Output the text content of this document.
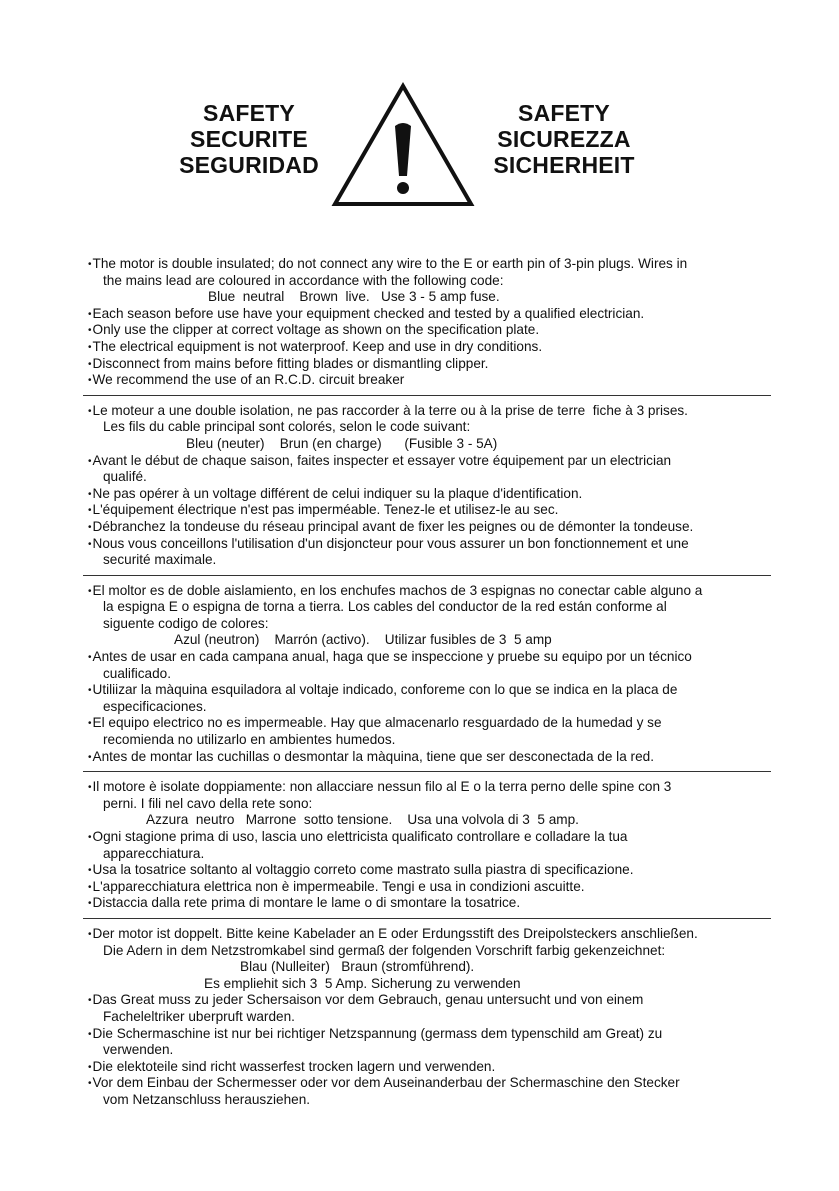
SAFETY
SECURITE
SEGURIDAD
SAFETY
SICUREZZA
SICHERHEIT
• The motor is double insulated; do not connect any wire to the E or earth pin of 3-pin plugs. Wires in
the mains lead are coloured in accordance with the following code:
Blue  neutral    Brown  live.   Use 3 - 5 amp fuse.
• Each season before use have your equipment checked and tested by a qualified electrician.
• Only use the clipper at correct voltage as shown on the specification plate.
• The electrical equipment is not waterproof. Keep and use in dry conditions.
• Disconnect from mains before fitting blades or dismantling clipper.
• We recommend the use of an R.C.D. circuit breaker
• Le moteur a une double isolation, ne pas raccorder à la terre ou à la prise de terre  fiche à 3 prises.
Les fils du cable principal sont colorés, selon le code suivant:
Bleu (neuter)    Brun (en charge)      (Fusible 3 - 5A)
• Avant le début de chaque saison, faites inspecter et essayer votre équipement par un electrician
qualifé.
• Ne pas opérer à un voltage différent de celui indiquer su la plaque d'identification.
• L'équipement électrique n'est pas imperméable. Tenez-le et utilisez-le au sec.
• Débranchez la tondeuse du réseau principal avant de fixer les peignes ou de démonter la tondeuse.
• Nous vous conceillons l'utilisation d'un disjoncteur pour vous assurer un bon fonctionnement et une
securité maximale.
• El moltor es de doble aislamiento, en los enchufes machos de 3 espignas no conectar cable alguno a
la espigna E o espigna de torna a tierra. Los cables del conductor de la red están conforme al
siguente codigo de colores:
Azul (neutron)    Marrón (activo).    Utilizar fusibles de 3  5 amp
• Antes de usar en cada campana anual, haga que se inspeccione y pruebe su equipo por un técnico
cualificado.
• Utiliizar la màquina esquiladora al voltaje indicado, conforeme con lo que se indica en la placa de
especificaciones.
• El equipo electrico no es impermeable. Hay que almacenarlo resguardado de la humedad y se
recomienda no utilizarlo en ambientes humedos.
• Antes de montar las cuchillas o desmontar la màquina, tiene que ser desconectada de la red.
• Il motore è isolate doppiamente: non allacciare nessun filo al E o la terra perno delle spine con 3
perni. I fili nel cavo della rete sono:
Azzura  neutro   Marrone  sotto tensione.    Usa una volvola di 3  5 amp.
• Ogni stagione prima di uso, lascia uno elettricista qualificato controllare e colladare la tua
apparecchiatura.
• Usa la tosatrice soltanto al voltaggio correto come mastrato sulla piastra di specificazione.
• L'apparecchiatura elettrica non è impermeabile. Tengi e usa in condizioni ascuitte.
• Distaccia dalla rete prima di montare le lame o di smontare la tosatrice.
• Der motor ist doppelt. Bitte keine Kabelader an E oder Erdungsstift des Dreipolsteckers anschließen.
Die Adern in dem Netzstromkabel sind germaß der folgenden Vorschrift farbig gekenzeichnet:
Blau (Nulleiter)   Braun (stromführend).
Es empliehit sich 3  5 Amp. Sicherung zu verwenden
• Das Great muss zu jeder Schersaison vor dem Gebrauch, genau untersucht und von einem
Facheleltriker uberpruft warden.
• Die Schermaschine ist nur bei richtiger Netzspannung (germass dem typenschild am Great) zu
verwenden.
• Die elektoteile sind richt wasserfest trocken lagern und verwenden.
• Vor dem Einbau der Schermesser oder vor dem Auseinanderbau der Schermaschine den Stecker
vom Netzanschluss herausziehen.
